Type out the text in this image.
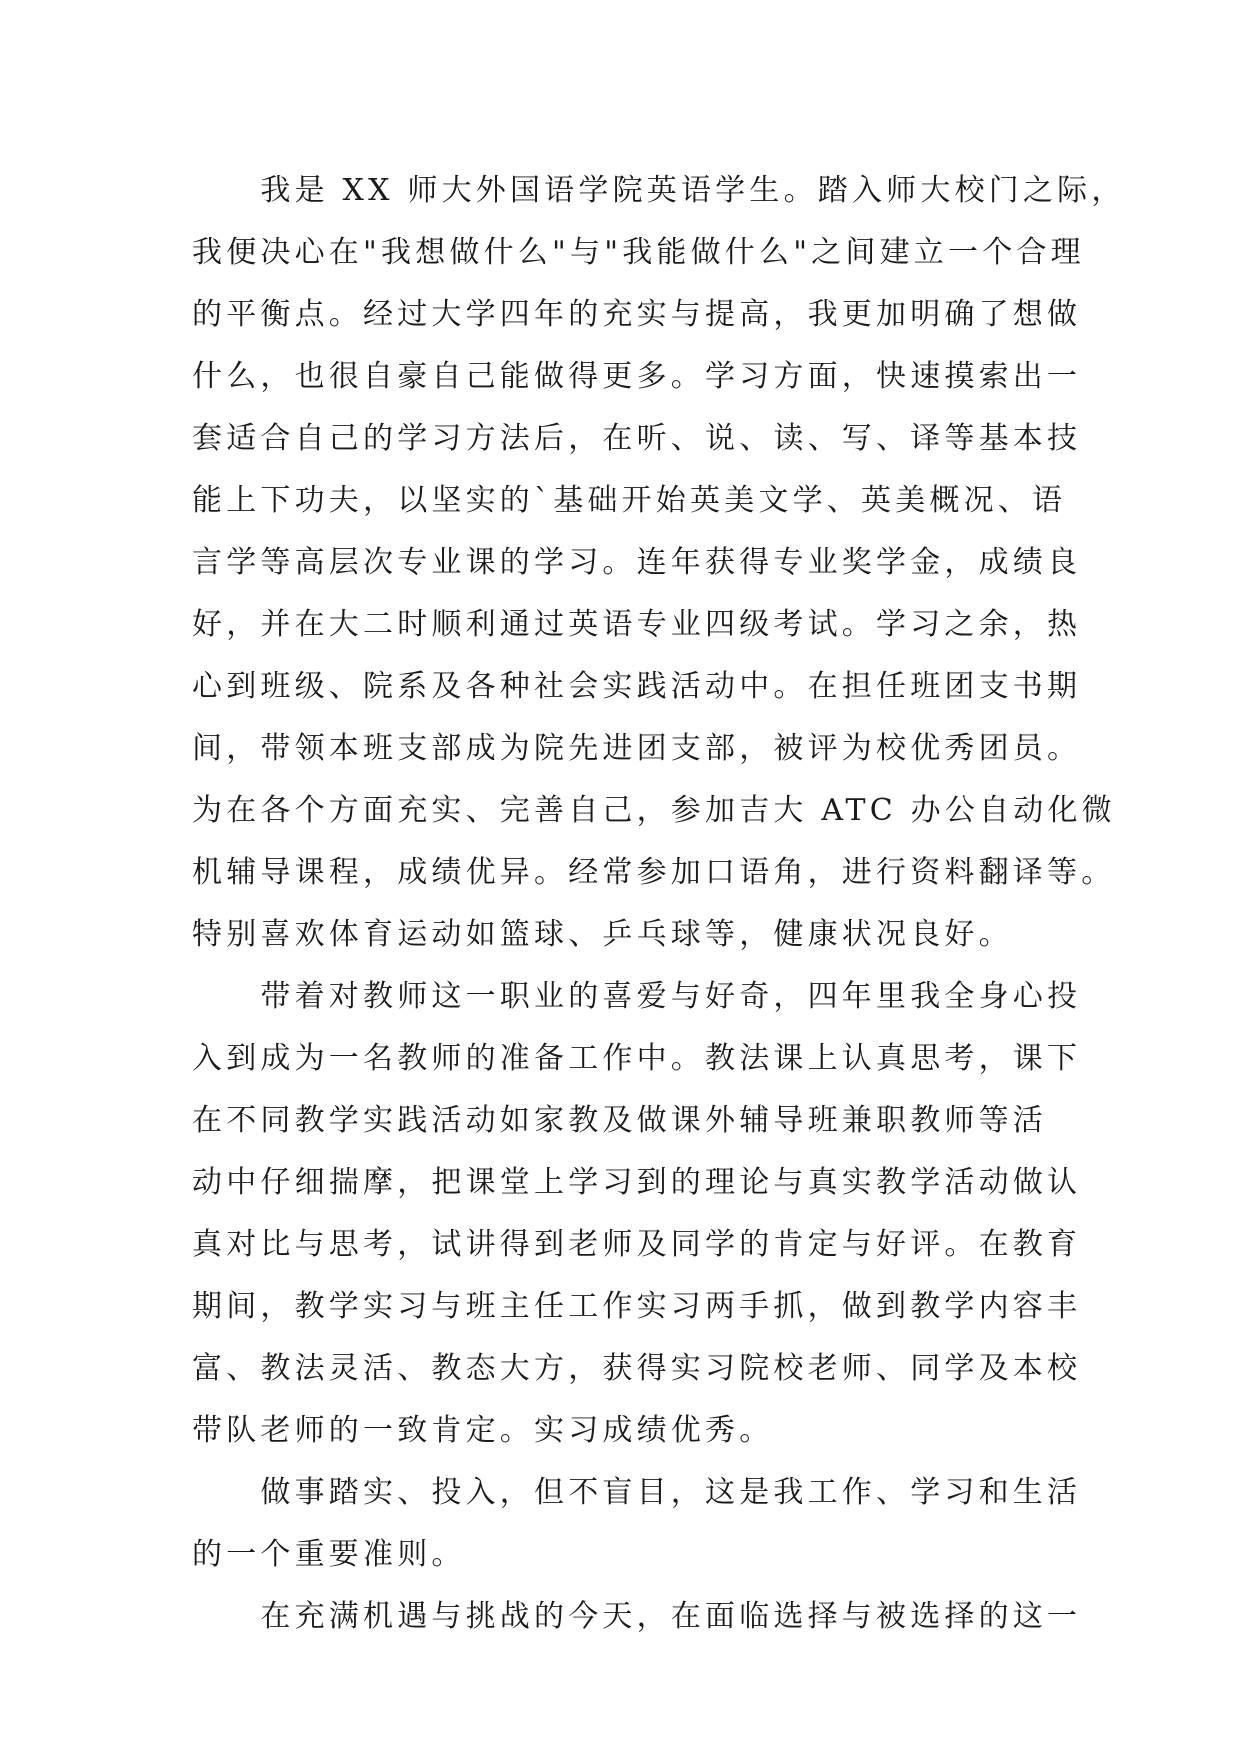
　　我是 XX 师大外国语学院英语学生。踏入师大校门之际，
我便决心在"我想做什么"与"我能做什么"之间建立一个合理
的平衡点。经过大学四年的充实与提高，我更加明确了想做
什么，也很自豪自己能做得更多。学习方面，快速摸索出一
套适合自己的学习方法后，在听、说、读、写、译等基本技
能上下功夫，以坚实的`基础开始英美文学、英美概况、语
言学等高层次专业课的学习。连年获得专业奖学金，成绩良
好，并在大二时顺利通过英语专业四级考试。学习之余，热
心到班级、院系及各种社会实践活动中。在担任班团支书期
间，带领本班支部成为院先进团支部，被评为校优秀团员。
为在各个方面充实、完善自己，参加吉大 ATC 办公自动化微
机辅导课程，成绩优异。经常参加口语角，进行资料翻译等。
特别喜欢体育运动如篮球、乒乓球等，健康状况良好。
　　带着对教师这一职业的喜爱与好奇，四年里我全身心投
入到成为一名教师的准备工作中。教法课上认真思考，课下
在不同教学实践活动如家教及做课外辅导班兼职教师等活
动中仔细揣摩，把课堂上学习到的理论与真实教学活动做认
真对比与思考，试讲得到老师及同学的肯定与好评。在教育
期间，教学实习与班主任工作实习两手抓，做到教学内容丰
富、教法灵活、教态大方，获得实习院校老师、同学及本校
带队老师的一致肯定。实习成绩优秀。
　　做事踏实、投入，但不盲目，这是我工作、学习和生活
的一个重要准则。
　　在充满机遇与挑战的今天，在面临选择与被选择的这一
